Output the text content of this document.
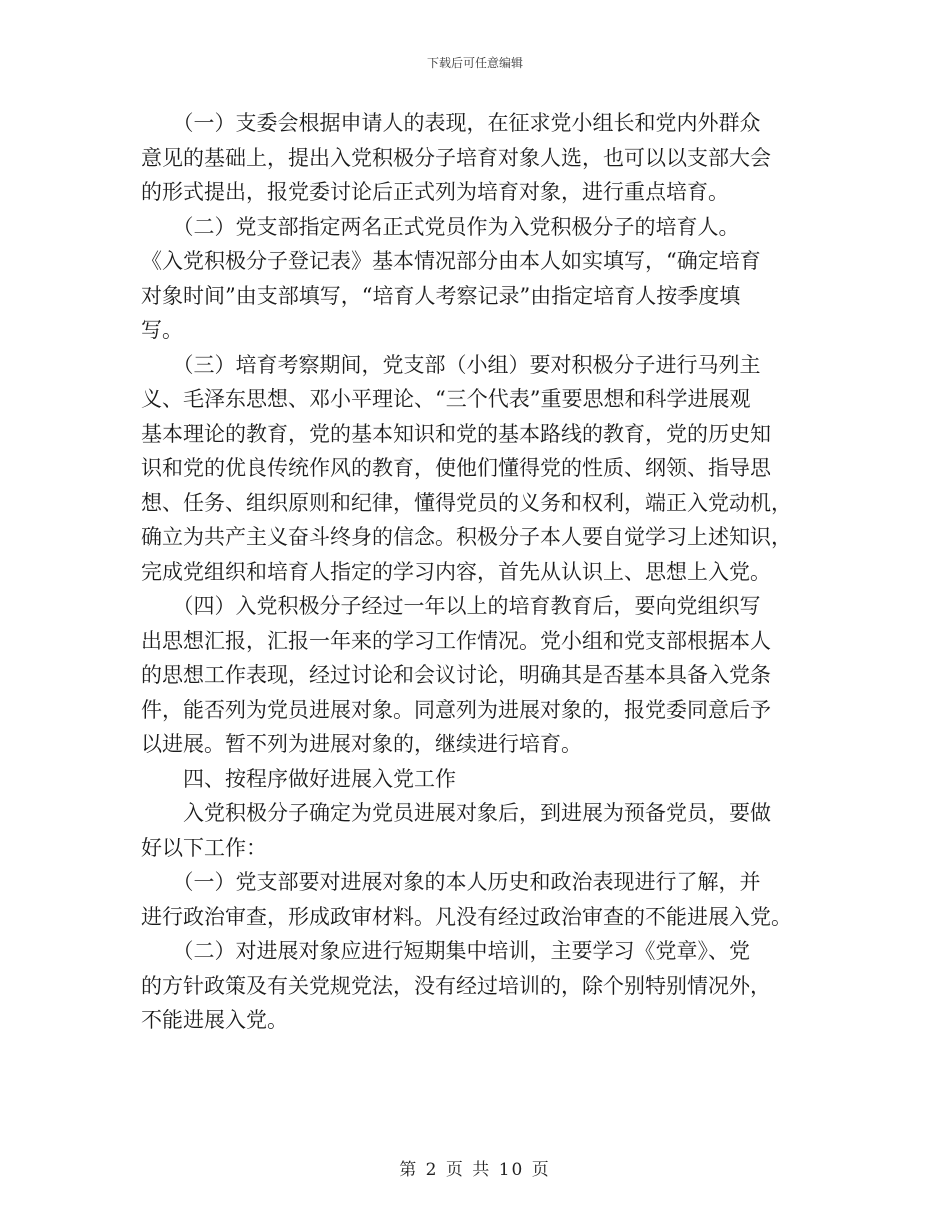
下载后可任意编辑
　　（一）支委会根据申请人的表现，在征求党小组长和党内外群众
意见的基础上，提出入党积极分子培育对象人选，也可以以支部大会
的形式提出，报党委讨论后正式列为培育对象，进行重点培育。
　　（二）党支部指定两名正式党员作为入党积极分子的培育人。
《入党积极分子登记表》基本情况部分由本人如实填写，“确定培育
对象时间”由支部填写，“培育人考察记录”由指定培育人按季度填
写。
　　（三）培育考察期间，党支部（小组）要对积极分子进行马列主
义、毛泽东思想、邓小平理论、“三个代表”重要思想和科学进展观
基本理论的教育，党的基本知识和党的基本路线的教育，党的历史知
识和党的优良传统作风的教育，使他们懂得党的性质、纲领、指导思
想、任务、组织原则和纪律，懂得党员的义务和权利，端正入党动机，
确立为共产主义奋斗终身的信念。积极分子本人要自觉学习上述知识，
完成党组织和培育人指定的学习内容，首先从认识上、思想上入党。
　　（四）入党积极分子经过一年以上的培育教育后，要向党组织写
出思想汇报，汇报一年来的学习工作情况。党小组和党支部根据本人
的思想工作表现，经过讨论和会议讨论，明确其是否基本具备入党条
件，能否列为党员进展对象。同意列为进展对象的，报党委同意后予
以进展。暂不列为进展对象的，继续进行培育。
　　四、按程序做好进展入党工作
　　入党积极分子确定为党员进展对象后，到进展为预备党员，要做
好以下工作：
　　（一）党支部要对进展对象的本人历史和政治表现进行了解，并
进行政治审查，形成政审材料。凡没有经过政治审查的不能进展入党。
　　（二）对进展对象应进行短期集中培训，主要学习《党章》、党
的方针政策及有关党规党法，没有经过培训的，除个别特别情况外，
不能进展入党。
第 2 页 共 10 页
